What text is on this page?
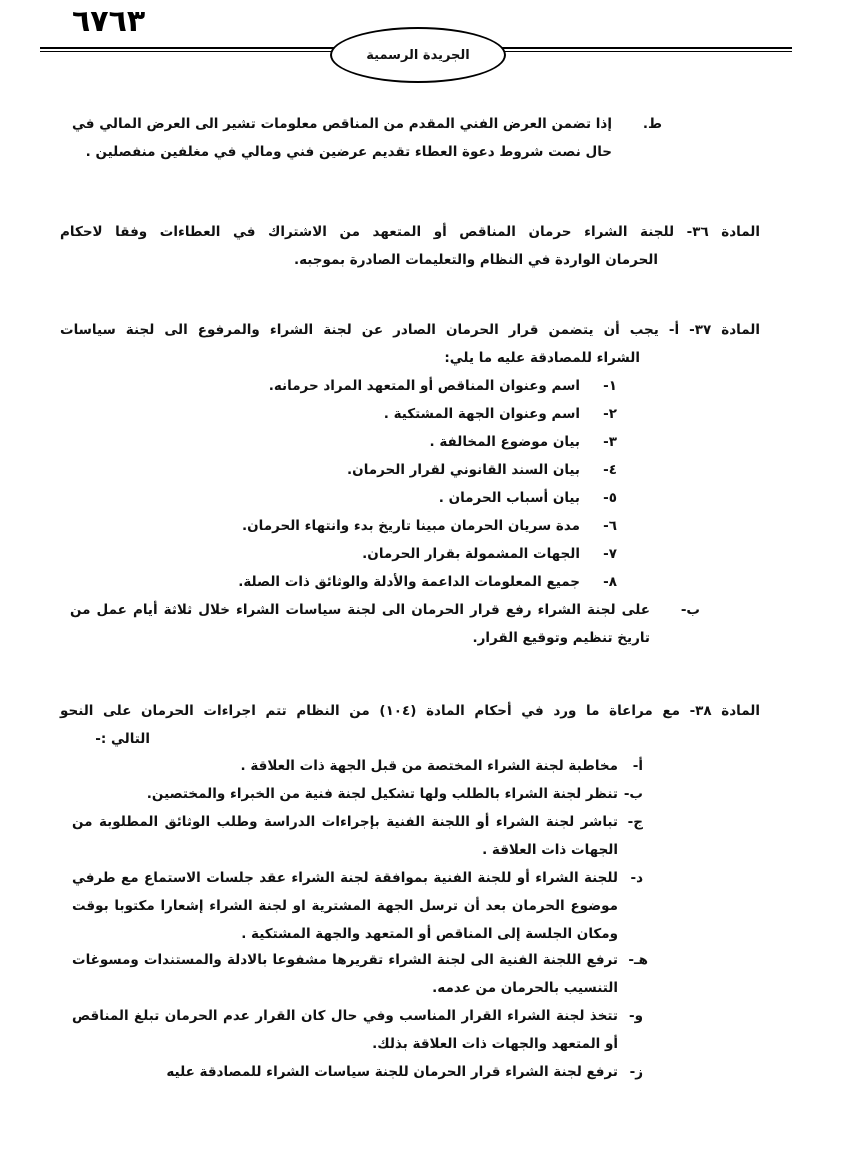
٦٧٦٣
الجريدة الرسمية
ط.
إذا تضمن العرض الفني المقدم من المناقص معلومات تشير الى العرض المالي في حال نصت شروط دعوة العطاء تقديم عرضين فني ومالي في مغلفين منفصلين .
المادة ٣٦- للجنة الشراء حرمان المناقص أو المتعهد من الاشتراك في العطاءات وفقا لاحكام
الحرمان الواردة في النظام والتعليمات الصادرة بموجبه.
المادة ٣٧- أ- يجب أن يتضمن قرار الحرمان الصادر عن لجنة الشراء والمرفوع الى لجنة سياسات
الشراء للمصادقة عليه ما يلي:
١-
اسم وعنوان المناقص أو المتعهد المراد حرمانه.
٢-
اسم وعنوان الجهة المشتكية .
٣-
بيان موضوع المخالفة .
٤-
بيان السند القانوني لقرار الحرمان.
٥-
بيان أسباب الحرمان .
٦-
مدة سريان الحرمان مبينا تاريخ بدء وانتهاء الحرمان.
٧-
الجهات المشمولة بقرار الحرمان.
٨-
جميع المعلومات الداعمة والأدلة والوثائق ذات الصلة.
ب-
على لجنة الشراء رفع قرار الحرمان الى لجنة سياسات الشراء خلال ثلاثة أيام عمل من تاريخ تنظيم وتوقيع القرار.
المادة ٣٨- مع مراعاة ما ورد في أحكام المادة (١٠٤) من النظام تتم اجراءات الحرمان على النحو
التالي :-
أ-
مخاطبة لجنة الشراء المختصة من قبل الجهة ذات العلاقة .
ب-
تنظر لجنة الشراء بالطلب ولها تشكيل لجنة فنية من الخبراء والمختصين.
ج-
تباشر لجنة الشراء أو اللجنة الفنية بإجراءات الدراسة وطلب الوثائق المطلوبة من الجهات ذات العلاقة .
د-
للجنة الشراء أو للجنة الفنية بموافقة لجنة الشراء عقد جلسات الاستماع مع طرفي موضوع الحرمان بعد أن ترسل الجهة المشترية او لجنة الشراء إشعارا مكتوبا بوقت ومكان الجلسة إلى المناقص أو المتعهد والجهة المشتكية .
هـ-
ترفع اللجنة الفنية الى لجنة الشراء تقريرها مشفوعا بالادلة والمستندات ومسوغات التنسيب بالحرمان من عدمه.
و-
تتخذ لجنة الشراء القرار المناسب وفي حال كان القرار عدم الحرمان تبلغ المناقص أو المتعهد والجهات ذات العلاقة بذلك.
ز-
ترفع لجنة الشراء قرار الحرمان للجنة سياسات الشراء للمصادقة عليه
